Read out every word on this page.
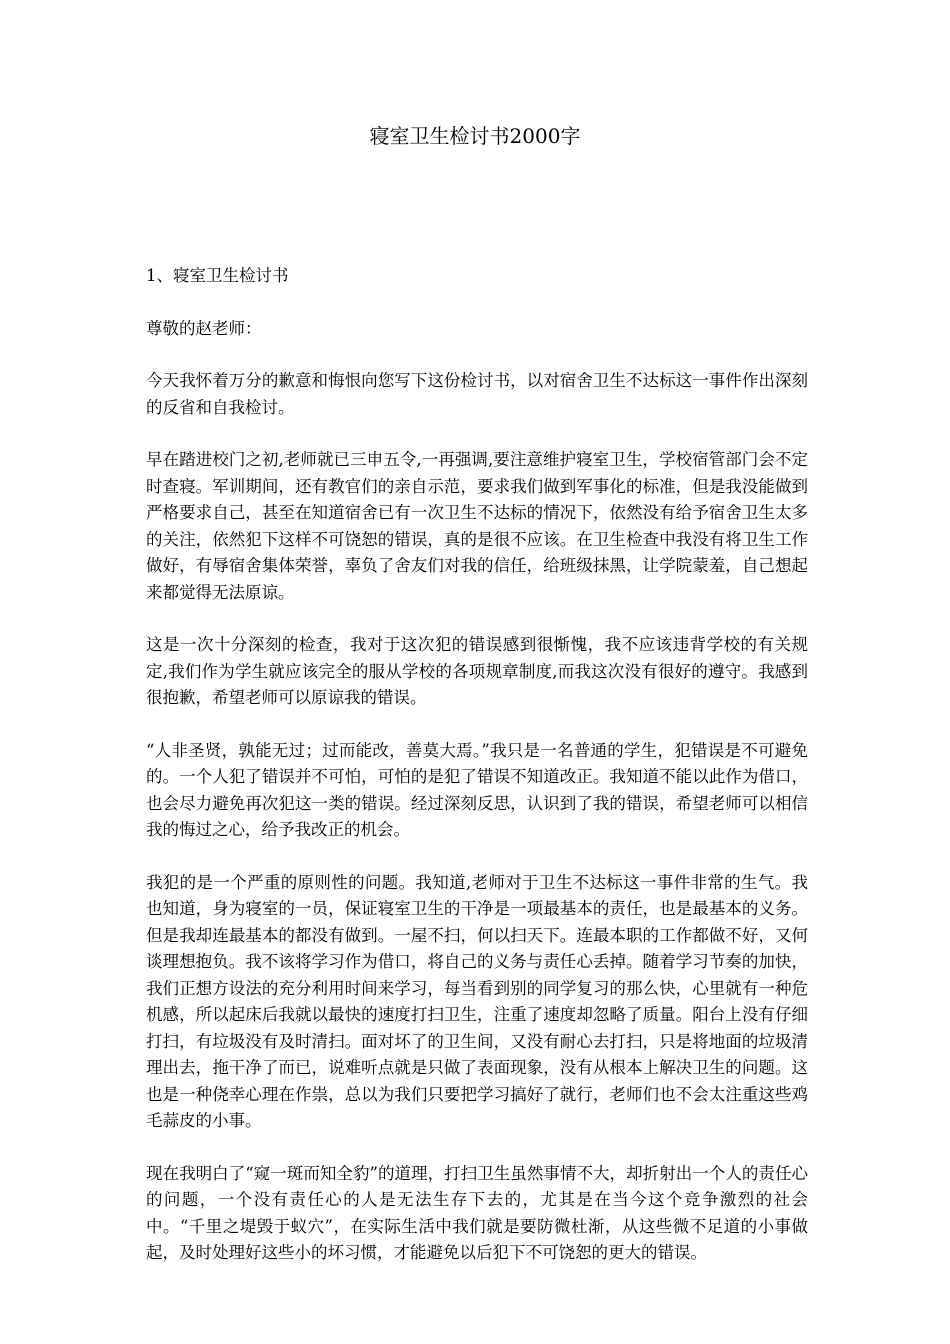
寝室卫生检讨书2000字

1、寝室卫生检讨书

尊敬的赵老师：

今天我怀着万分的歉意和悔恨向您写下这份检讨书，以对宿舍卫生不达标这一事件作出深刻的反省和自我检讨。

早在踏进校门之初,老师就已三申五令,一再强调,要注意维护寝室卫生，学校宿管部门会不定时查寝。军训期间，还有教官们的亲自示范，要求我们做到军事化的标准，但是我没能做到严格要求自己，甚至在知道宿舍已有一次卫生不达标的情况下，依然没有给予宿舍卫生太多的关注，依然犯下这样不可饶恕的错误，真的是很不应该。在卫生检查中我没有将卫生工作做好，有辱宿舍集体荣誉，辜负了舍友们对我的信任，给班级抹黑，让学院蒙羞，自己想起来都觉得无法原谅。

这是一次十分深刻的检查，我对于这次犯的错误感到很惭愧，我不应该违背学校的有关规定,我们作为学生就应该完全的服从学校的各项规章制度,而我这次没有很好的遵守。我感到很抱歉，希望老师可以原谅我的错误。

“人非圣贤，孰能无过；过而能改，善莫大焉。”我只是一名普通的学生，犯错误是不可避免的。一个人犯了错误并不可怕，可怕的是犯了错误不知道改正。我知道不能以此作为借口，也会尽力避免再次犯这一类的错误。经过深刻反思，认识到了我的错误，希望老师可以相信我的悔过之心，给予我改正的机会。

我犯的是一个严重的原则性的问题。我知道,老师对于卫生不达标这一事件非常的生气。我也知道，身为寝室的一员，保证寝室卫生的干净是一项最基本的责任，也是最基本的义务。但是我却连最基本的都没有做到。一屋不扫，何以扫天下。连最本职的工作都做不好，又何谈理想抱负。我不该将学习作为借口，将自己的义务与责任心丢掉。随着学习节奏的加快，我们正想方设法的充分利用时间来学习，每当看到别的同学复习的那么快，心里就有一种危机感，所以起床后我就以最快的速度打扫卫生，注重了速度却忽略了质量。阳台上没有仔细打扫，有垃圾没有及时清扫。面对坏了的卫生间，又没有耐心去打扫，只是将地面的垃圾清理出去，拖干净了而已，说难听点就是只做了表面现象，没有从根本上解决卫生的问题。这也是一种侥幸心理在作祟，总以为我们只要把学习搞好了就行，老师们也不会太注重这些鸡毛蒜皮的小事。

现在我明白了“窥一斑而知全豹”的道理，打扫卫生虽然事情不大，却折射出一个人的责任心的问题，一个没有责任心的人是无法生存下去的，尤其是在当今这个竞争激烈的社会中。“千里之堤毁于蚁穴”，在实际生活中我们就是要防微杜渐，从这些微不足道的小事做起，及时处理好这些小的坏习惯，才能避免以后犯下不可饶恕的更大的错误。
